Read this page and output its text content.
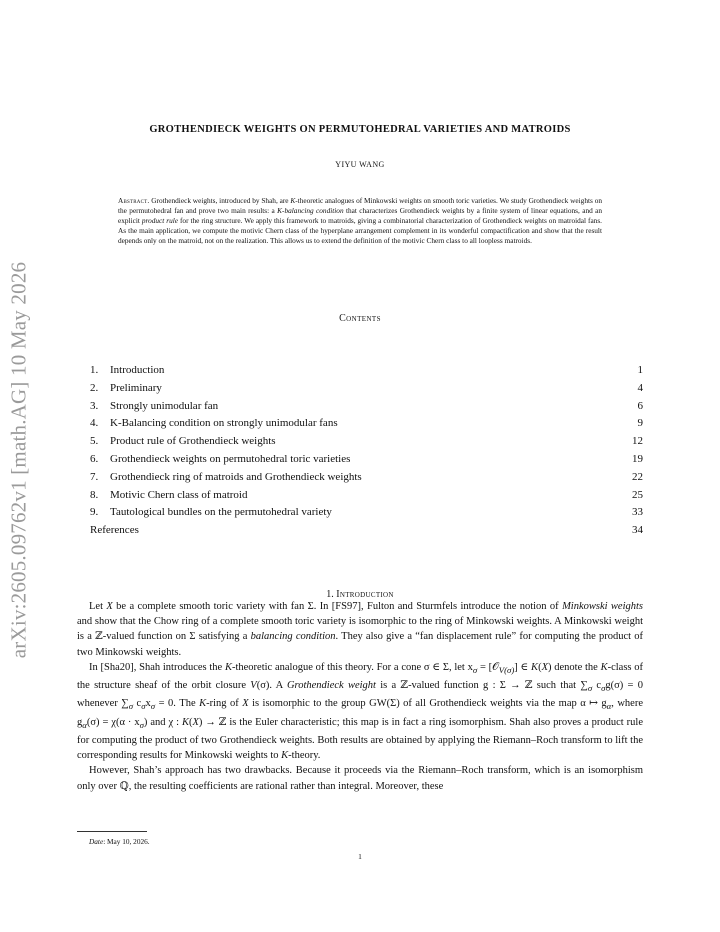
arXiv:2605.09762v1 [math.AG] 10 May 2026
GROTHENDIECK WEIGHTS ON PERMUTOHEDRAL VARIETIES AND MATROIDS
YIYU WANG
Abstract. Grothendieck weights, introduced by Shah, are K-theoretic analogues of Minkowski weights on smooth toric varieties. We study Grothendieck weights on the permutohedral fan and prove two main results: a K-balancing condition that characterizes Grothendieck weights by a finite system of linear equations, and an explicit product rule for the ring structure. We apply this framework to matroids, giving a combinatorial characterization of Grothendieck weights on matroidal fans. As the main application, we compute the motivic Chern class of the hyperplane arrangement complement in its wonderful compactification and show that the result depends only on the matroid, not on the realization. This allows us to extend the definition of the motivic Chern class to all loopless matroids.
Contents
1. Introduction	1
2. Preliminary	4
3. Strongly unimodular fan	6
4. K-Balancing condition on strongly unimodular fans	9
5. Product rule of Grothendieck weights	12
6. Grothendieck weights on permutohedral toric varieties	19
7. Grothendieck ring of matroids and Grothendieck weights	22
8. Motivic Chern class of matroid	25
9. Tautological bundles on the permutohedral variety	33
References	34
1. Introduction

Let X be a complete smooth toric variety with fan Σ. In [FS97], Fulton and Sturmfels introduce the notion of Minkowski weights and show that the Chow ring of a complete smooth toric variety is isomorphic to the ring of Minkowski weights. A Minkowski weight is a ℤ-valued function on Σ satisfying a balancing condition. They also give a “fan displacement rule” for computing the product of two Minkowski weights.

In [Sha20], Shah introduces the K-theoretic analogue of this theory. For a cone σ ∈ Σ, let $x_\sigma$ = [𝒪$_{V(\sigma)}$] ∈ K(X) denote the K-class of the structure sheaf of the orbit closure V(σ). A Grothendieck weight is a ℤ-valued function g : Σ → ℤ such that $\sum_\sigma$ $c_\sigma g(\sigma) = 0$ whenever $\sum_\sigma$ $c_\sigma x_\sigma = 0$. The K-ring of X is isomorphic to the group GW(Σ) of all Grothendieck weights via the map α ↦ $g_\alpha$, where $g_\alpha(\sigma) = \chi(\alpha \cdot x_\sigma)$ and χ : K(X) → ℤ is the Euler characteristic; this map is in fact a ring isomorphism. Shah also proves a product rule for computing the product of two Grothendieck weights. Both results are obtained by applying the Riemann–Roch transform to lift the corresponding results for Minkowski weights to K-theory.

However, Shah’s approach has two drawbacks. Because it proceeds via the Riemann–Roch transform, which is an isomorphism only over ℚ, the resulting coefficients are rational rather than integral. Moreover, these

Date: May 10, 2026.
1
